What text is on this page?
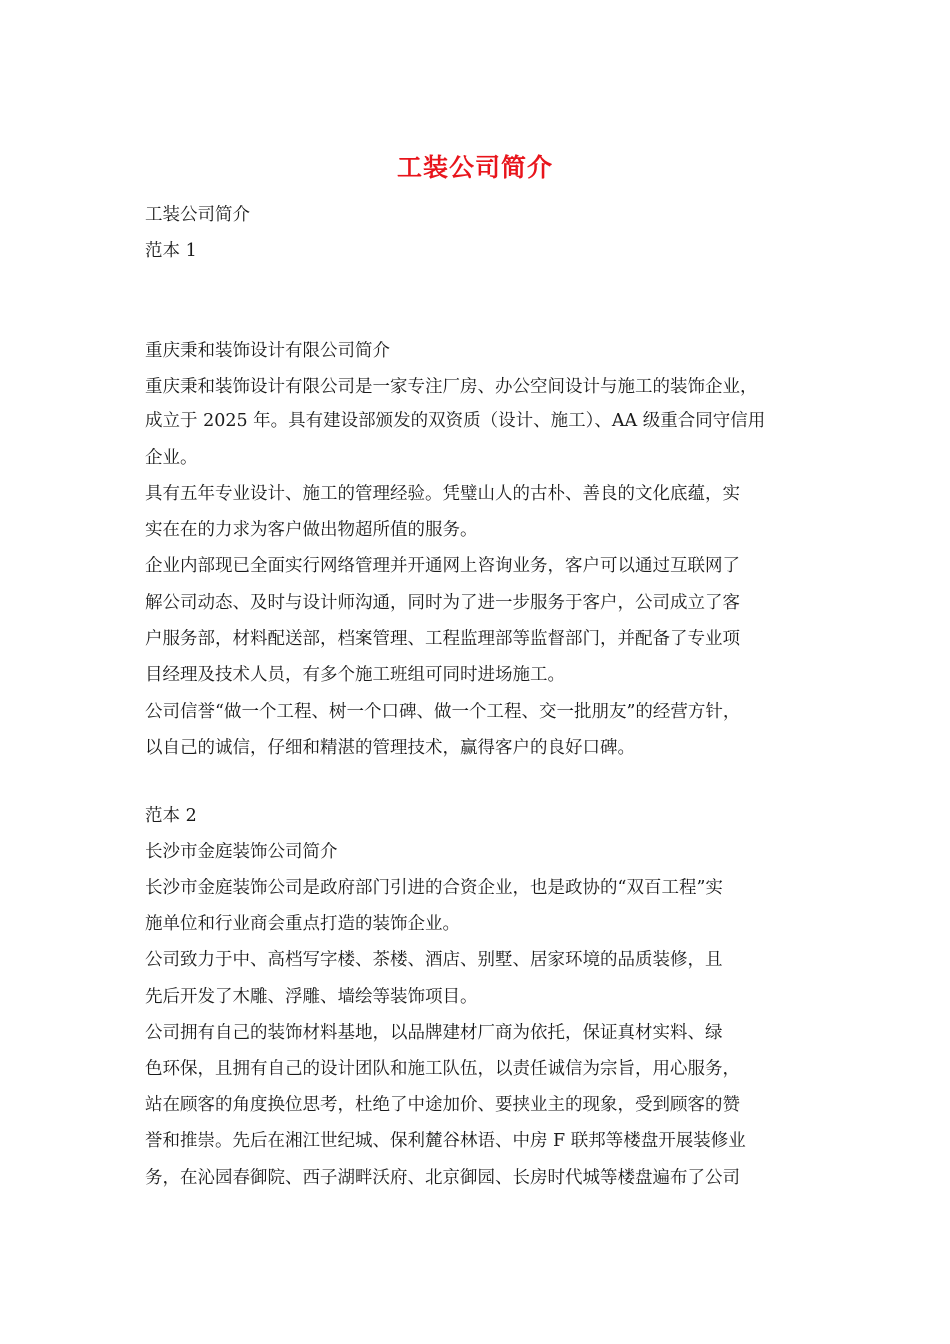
工装公司简介
工装公司简介
范本 1
重庆秉和装饰设计有限公司简介
重庆秉和装饰设计有限公司是一家专注厂房、办公空间设计与施工的装饰企业，
成立于 2025 年。具有建设部颁发的双资质（设计、施工）、AA 级重合同守信用
企业。
具有五年专业设计、施工的管理经验。凭璧山人的古朴、善良的文化底蕴，实
实在在的力求为客户做出物超所值的服务。
企业内部现已全面实行网络管理并开通网上咨询业务，客户可以通过互联网了
解公司动态、及时与设计师沟通，同时为了进一步服务于客户，公司成立了客
户服务部，材料配送部，档案管理、工程监理部等监督部门，并配备了专业项
目经理及技术人员，有多个施工班组可同时进场施工。
公司信誉“做一个工程、树一个口碑、做一个工程、交一批朋友”的经营方针，
以自己的诚信，仔细和精湛的管理技术，赢得客户的良好口碑。
范本 2
长沙市金庭装饰公司简介
长沙市金庭装饰公司是政府部门引进的合资企业，也是政协的“双百工程”实
施单位和行业商会重点打造的装饰企业。
公司致力于中、高档写字楼、茶楼、酒店、别墅、居家环境的品质装修，且
先后开发了木雕、浮雕、墙绘等装饰项目。
公司拥有自己的装饰材料基地，以品牌建材厂商为依托，保证真材实料、绿
色环保，且拥有自己的设计团队和施工队伍，以责任诚信为宗旨，用心服务，
站在顾客的角度换位思考，杜绝了中途加价、要挟业主的现象，受到顾客的赞
誉和推崇。先后在湘江世纪城、保利麓谷林语、中房 F 联邦等楼盘开展装修业
务，在沁园春御院、西子湖畔沃府、北京御园、长房时代城等楼盘遍布了公司
